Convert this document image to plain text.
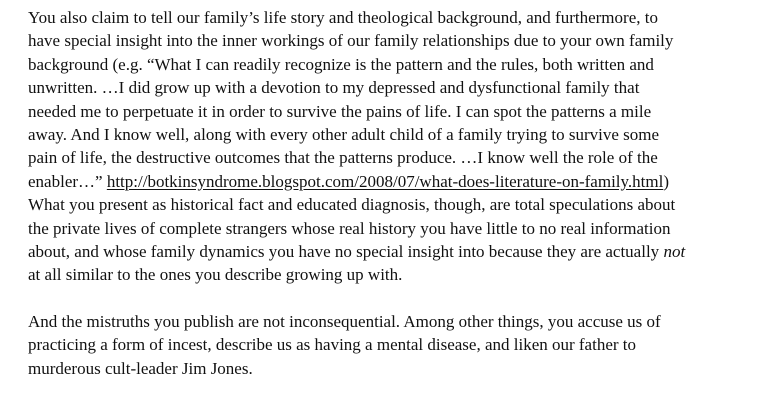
You also claim to tell our family’s life story and theological background, and furthermore, to
have special insight into the inner workings of our family relationships due to your own family
background (e.g. “What I can readily recognize is the pattern and the rules, both written and
unwritten. …I did grow up with a devotion to my depressed and dysfunctional family that
needed me to perpetuate it in order to survive the pains of life. I can spot the patterns a mile
away. And I know well, along with every other adult child of a family trying to survive some
pain of life, the destructive outcomes that the patterns produce. …I know well the role of the
enabler…” http://botkinsyndrome.blogspot.com/2008/07/what-does-literature-on-family.html)
What you present as historical fact and educated diagnosis, though, are total speculations about
the private lives of complete strangers whose real history you have little to no real information
about, and whose family dynamics you have no special insight into because they are actually not
at all similar to the ones you describe growing up with.
And the mistruths you publish are not inconsequential. Among other things, you accuse us of
practicing a form of incest, describe us as having a mental disease, and liken our father to
murderous cult-leader Jim Jones.
